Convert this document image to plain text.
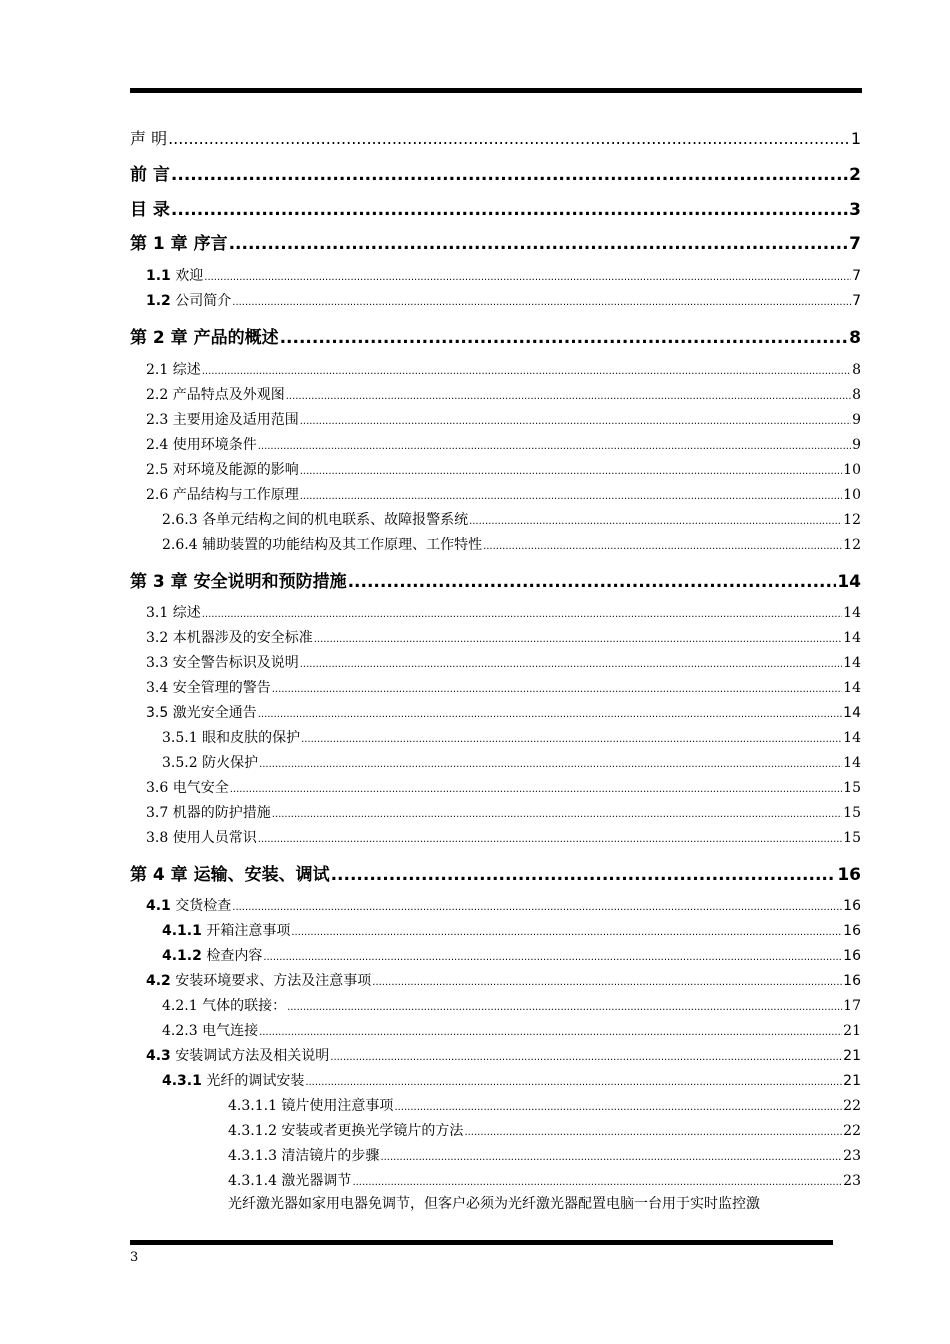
声 明 .....	1
前 言 .....	2
目 录 .....	3
第 1 章 序言 .....	7
1.1 欢迎 .....	7
1.2 公司简介 .....	7
第 2 章 产品的概述 .....	8
2.1 综述 .....	8
2.2 产品特点及外观图 .....	8
2.3 主要用途及适用范围 .....	9
2.4 使用环境条件 .....	9
2.5 对环境及能源的影响 .....	10
2.6 产品结构与工作原理 .....	10
2.6.3 各单元结构之间的机电联系、故障报警系统 .....	12
2.6.4 辅助装置的功能结构及其工作原理、工作特性 .....	12
第 3 章 安全说明和预防措施 .....	14
3.1 综述 .....	14
3.2 本机器涉及的安全标准 .....	14
3.3 安全警告标识及说明 .....	14
3.4 安全管理的警告 .....	14
3.5 激光安全通告 .....	14
3.5.1 眼和皮肤的保护 .....	14
3.5.2 防火保护 .....	14
3.6 电气安全 .....	15
3.7 机器的防护措施 .....	15
3.8 使用人员常识 .....	15
第 4 章 运输、安装、调试 .....	16
4.1 交货检查 .....	16
4.1.1 开箱注意事项 .....	16
4.1.2 检查内容 .....	16
4.2 安装环境要求、方法及注意事项 .....	16
4.2.1 气体的联接： .....	17
4.2.3 电气连接 .....	21
4.3 安装调试方法及相关说明 .....	21
4.3.1 光纤的调试安装 .....	21
4.3.1.1 镜片使用注意事项 .....	22
4.3.1.2 安装或者更换光学镜片的方法 .....	22
4.3.1.3 清洁镜片的步骤 .....	23
4.3.1.4 激光器调节 .....	23
光纤激光器如家用电器免调节，但客户必须为光纤激光器配置电脑一台用于实时监控激
3
